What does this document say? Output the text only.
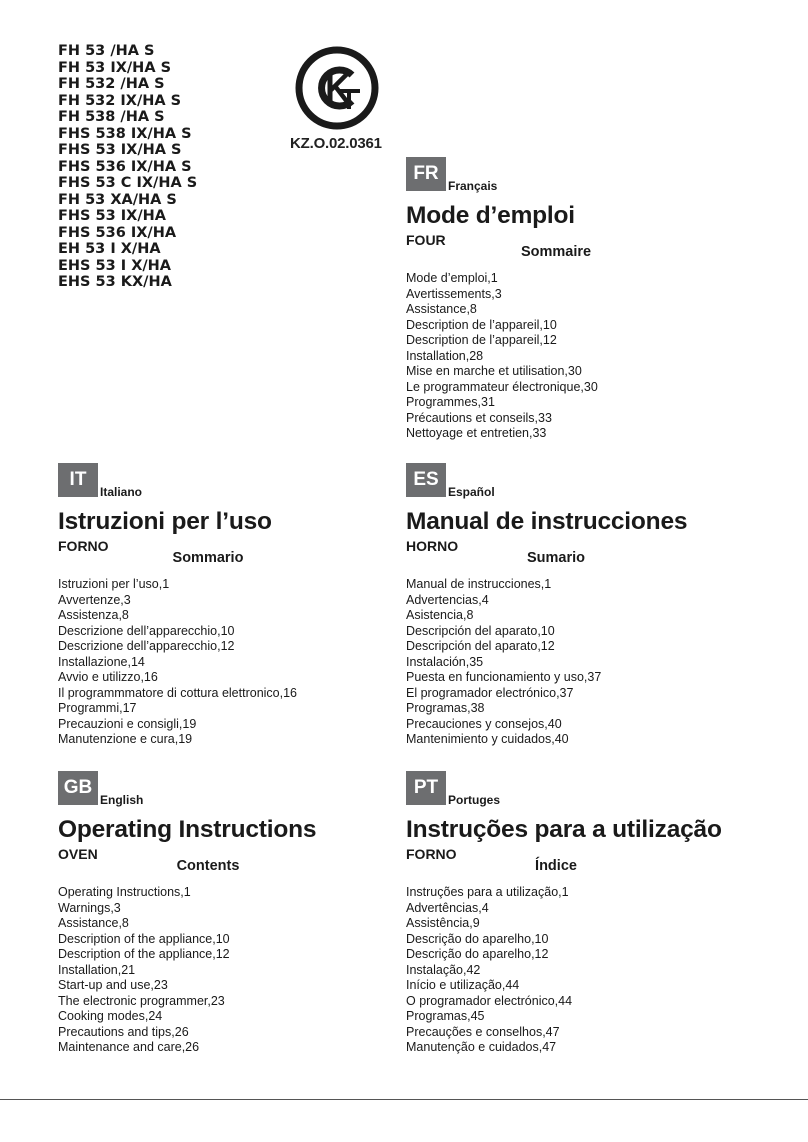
FH 53 /HA S
FH 53 IX/HA S
FH 532 /HA S
FH 532 IX/HA S
FH 538 /HA S
FHS 538 IX/HA S
FHS 53 IX/HA S
FHS 536 IX/HA S
FHS 53 C IX/HA S
FH 53 XA/HA S
FHS 53 IX/HA
FHS 536 IX/HA
EH 53 I X/HA
EHS 53 I X/HA
EHS 53 KX/HA
KZ.O.02.0361
FR
Français
Mode d’emploi
FOUR
Sommaire
Mode d’emploi,1
Avertissements,3
Assistance,8
Description de l’appareil,10
Description de l’appareil,12
Installation,28
Mise en marche et utilisation,30
Le programmateur électronique,30
Programmes,31
Précautions et conseils,33
Nettoyage et entretien,33
IT
Italiano
Istruzioni per l’uso
FORNO
Sommario
Istruzioni per l’uso,1
Avvertenze,3
Assistenza,8
Descrizione dell’apparecchio,10
Descrizione dell’apparecchio,12
Installazione,14
Avvio e utilizzo,16
Il programmmatore di cottura elettronico,16
Programmi,17
Precauzioni e consigli,19
Manutenzione e cura,19
ES
Español
Manual de instrucciones
HORNO
Sumario
Manual de instrucciones,1
Advertencias,4
Asistencia,8
Descripción del aparato,10
Descripción del aparato,12
Instalación,35
Puesta en funcionamiento y uso,37
El programador electrónico,37
Programas,38
Precauciones y consejos,40
Mantenimiento y cuidados,40
GB
English
Operating Instructions
OVEN
Contents
Operating Instructions,1
Warnings,3
Assistance,8
Description of the appliance,10
Description of the appliance,12
Installation,21
Start-up and use,23
The electronic programmer,23
Cooking modes,24
Precautions and tips,26
Maintenance and care,26
PT
Portuges
Instruções para a utilização
FORNO
Índice
Instruções para a utilização,1
Advertências,4
Assistência,9
Descrição do aparelho,10
Descrição do aparelho,12
Instalação,42
Início e utilização,44
O programador electrónico,44
Programas,45
Precauções e conselhos,47
Manutenção e cuidados,47
